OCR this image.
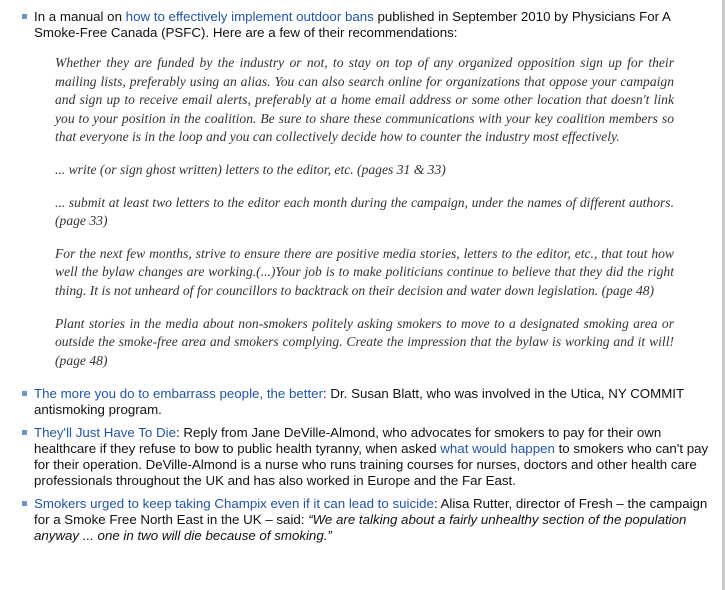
In a manual on how to effectively implement outdoor bans published in September 2010 by Physicians For A Smoke-Free Canada (PSFC). Here are a few of their recommendations:

Whether they are funded by the industry or not, to stay on top of any organized opposition sign up for their mailing lists, preferably using an alias. You can also search online for organizations that oppose your campaign and sign up to receive email alerts, preferably at a home email address or some other location that doesn't link you to your position in the coalition. Be sure to share these communications with your key coalition members so that everyone is in the loop and you can collectively decide how to counter the industry most effectively.

... write (or sign ghost written) letters to the editor, etc. (pages 31 & 33)

... submit at least two letters to the editor each month during the campaign, under the names of different authors. (page 33)

For the next few months, strive to ensure there are positive media stories, letters to the editor, etc., that tout how well the bylaw changes are working.(...)Your job is to make politicians continue to believe that they did the right thing. It is not unheard of for councillors to backtrack on their decision and water down legislation. (page 48)

Plant stories in the media about non-smokers politely asking smokers to move to a designated smoking area or outside the smoke-free area and smokers complying. Create the impression that the bylaw is working and it will! (page 48)

The more you do to embarrass people, the better: Dr. Susan Blatt, who was involved in the Utica, NY COMMIT antismoking program.
They'll Just Have To Die: Reply from Jane DeVille-Almond, who advocates for smokers to pay for their own healthcare if they refuse to bow to public health tyranny, when asked what would happen to smokers who can't pay for their operation. DeVille-Almond is a nurse who runs training courses for nurses, doctors and other health care professionals throughout the UK and has also worked in Europe and the Far East.
Smokers urged to keep taking Champix even if it can lead to suicide: Alisa Rutter, director of Fresh – the campaign for a Smoke Free North East in the UK – said: “We are talking about a fairly unhealthy section of the population anyway ... one in two will die because of smoking.”
